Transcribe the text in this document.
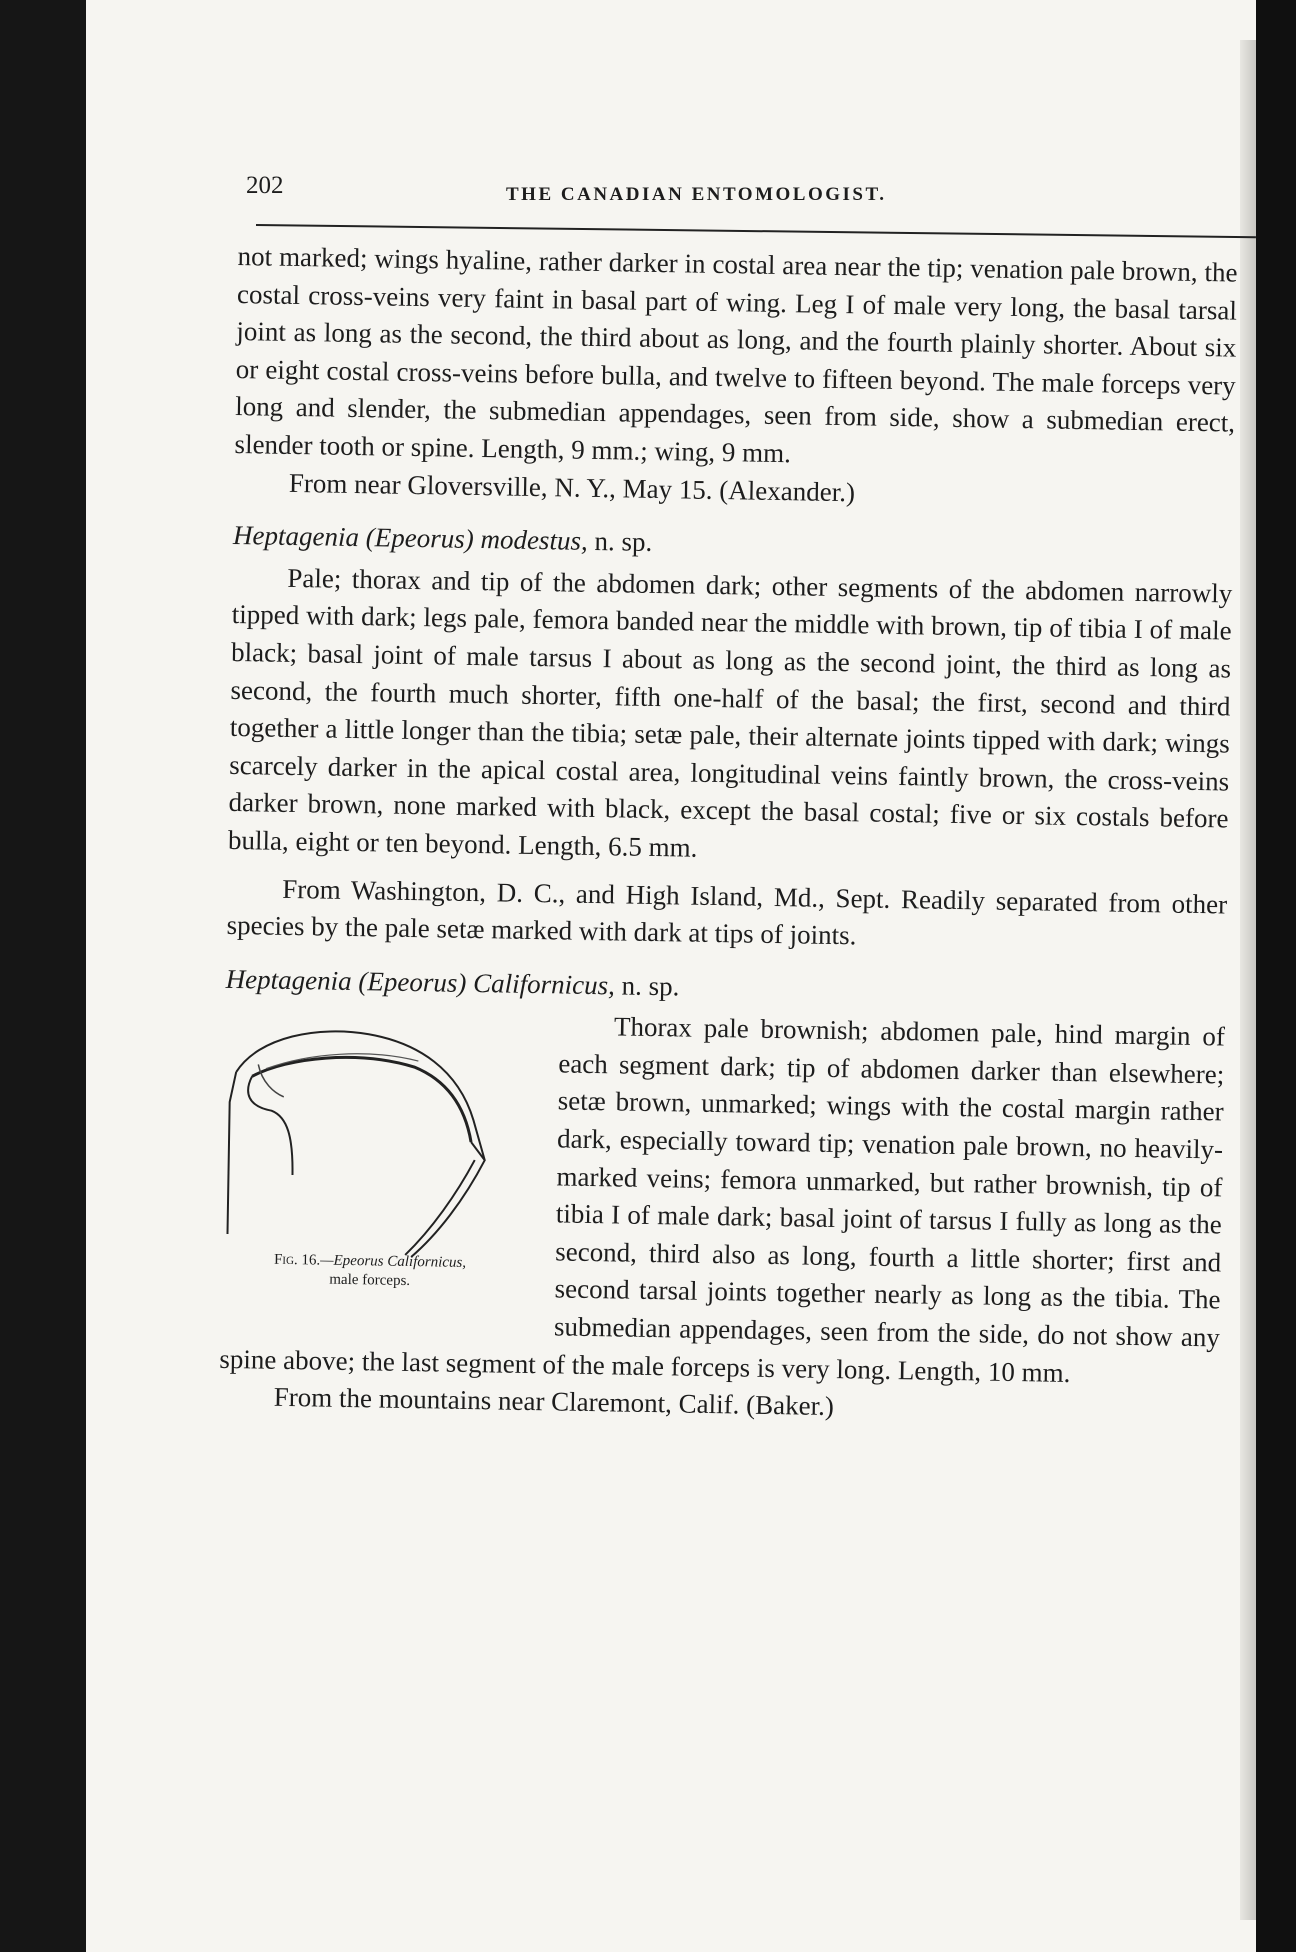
202	THE CANADIAN ENTOMOLOGIST.

not marked; wings hyaline, rather darker in costal area near the tip; venation pale brown, the costal cross-veins very faint in basal part of wing. Leg I of male very long, the basal tarsal joint as long as the second, the third about as long, and the fourth plainly shorter. About six or eight costal cross-veins before bulla, and twelve to fifteen beyond. The male forceps very long and slender, the submedian appendages, seen from side, show a submedian erect, slender tooth or spine. Length, 9 mm.; wing, 9 mm.

From near Gloversville, N. Y., May 15. (Alexander.)

Heptagenia (Epeorus) modestus, n. sp.

Pale; thorax and tip of the abdomen dark; other segments of the abdomen narrowly tipped with dark; legs pale, femora banded near the middle with brown, tip of tibia I of male black; basal joint of male tarsus I about as long as the second joint, the third as long as second, the fourth much shorter, fifth one-half of the basal; the first, second and third together a little longer than the tibia; setæ pale, their alternate joints tipped with dark; wings scarcely darker in the apical costal area, longitudinal veins faintly brown, the cross-veins darker brown, none marked with black, except the basal costal; five or six costals before bulla, eight or ten beyond. Length, 6.5 mm.

From Washington, D. C., and High Island, Md., Sept. Readily separated from other species by the pale setæ marked with dark at tips of joints.

Heptagenia (Epeorus) Californicus, n. sp.

Fig. 16.—Epeorus Californicus,
male forceps.

Thorax pale brownish; abdomen pale, hind margin of each segment dark; tip of abdomen darker than elsewhere; setæ brown, unmarked; wings with the costal margin rather dark, especially toward tip; venation pale brown, no heavily-marked veins; femora unmarked, but rather brownish, tip of tibia I of male dark; basal joint of tarsus I fully as long as the second, third also as long, fourth a little shorter; first and second tarsal joints together nearly as long as the tibia. The submedian appendages, seen from the side, do not show any spine above; the last segment of the male forceps is very long. Length, 10 mm.

From the mountains near Claremont, Calif. (Baker.)
